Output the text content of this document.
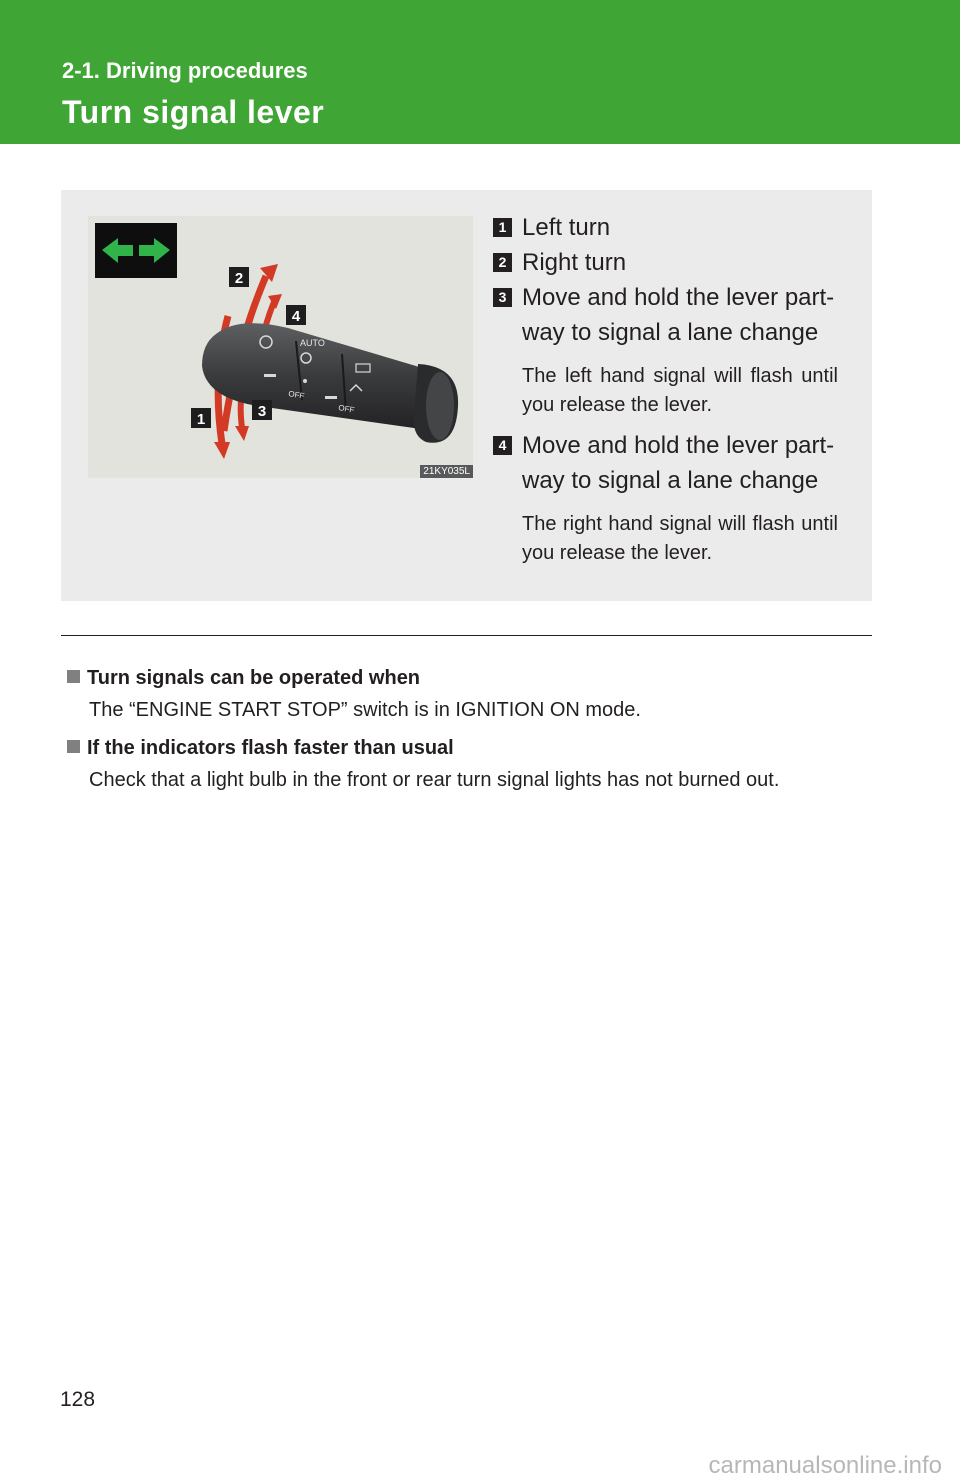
2-1. Driving procedures
Turn signal lever
AUTO
OFF
OFF
2
4
1	3
21KY035L
1 Left turn
2 Right turn
3 Move and hold the lever part-way to signal a lane change
The left hand signal will flash until you release the lever.
4 Move and hold the lever part-way to signal a lane change
The right hand signal will flash until you release the lever.
Turn signals can be operated when
The “ENGINE START STOP” switch is in IGNITION ON mode.
If the indicators flash faster than usual
Check that a light bulb in the front or rear turn signal lights has not burned out.
128
carmanualsonline.info
